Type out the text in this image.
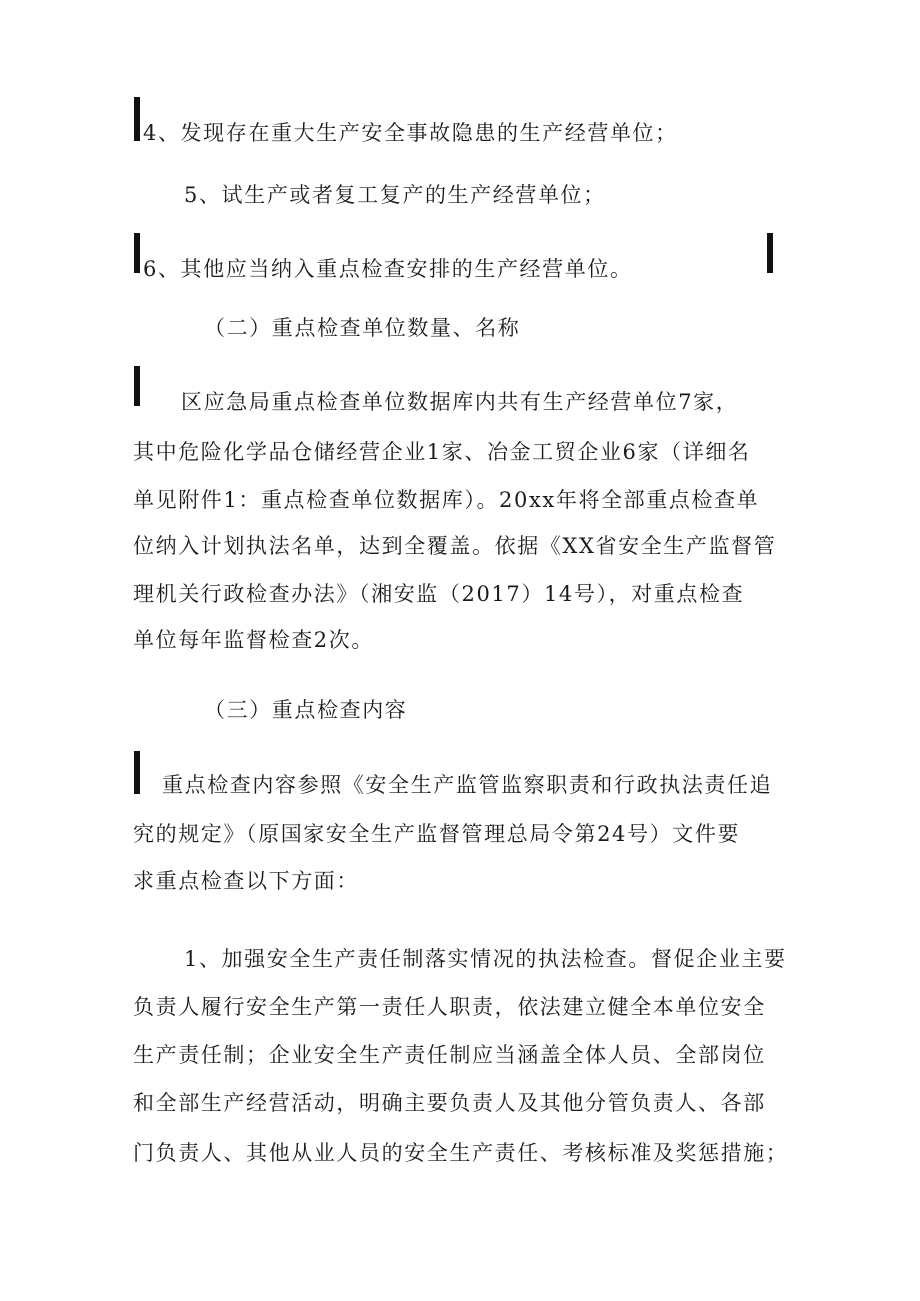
4、发现存在重大生产安全事故隐患的生产经营单位；
5、试生产或者复工复产的生产经营单位；
6、其他应当纳入重点检查安排的生产经营单位。
（二）重点检查单位数量、名称
区应急局重点检查单位数据库内共有生产经营单位7家，
其中危险化学品仓储经营企业1家、冶金工贸企业6家（详细名
单见附件1：重点检查单位数据库）。20xx年将全部重点检查单
位纳入计划执法名单，达到全覆盖。依据《XX省安全生产监督管
理机关行政检查办法》（湘安监（2017）14号），对重点检查
单位每年监督检查2次。
（三）重点检查内容
重点检查内容参照《安全生产监管监察职责和行政执法责任追
究的规定》（原国家安全生产监督管理总局令第24号）文件要
求重点检查以下方面：
1、加强安全生产责任制落实情况的执法检查。督促企业主要
负责人履行安全生产第一责任人职责，依法建立健全本单位安全
生产责任制；企业安全生产责任制应当涵盖全体人员、全部岗位
和全部生产经营活动，明确主要负责人及其他分管负责人、各部
门负责人、其他从业人员的安全生产责任、考核标准及奖惩措施；
